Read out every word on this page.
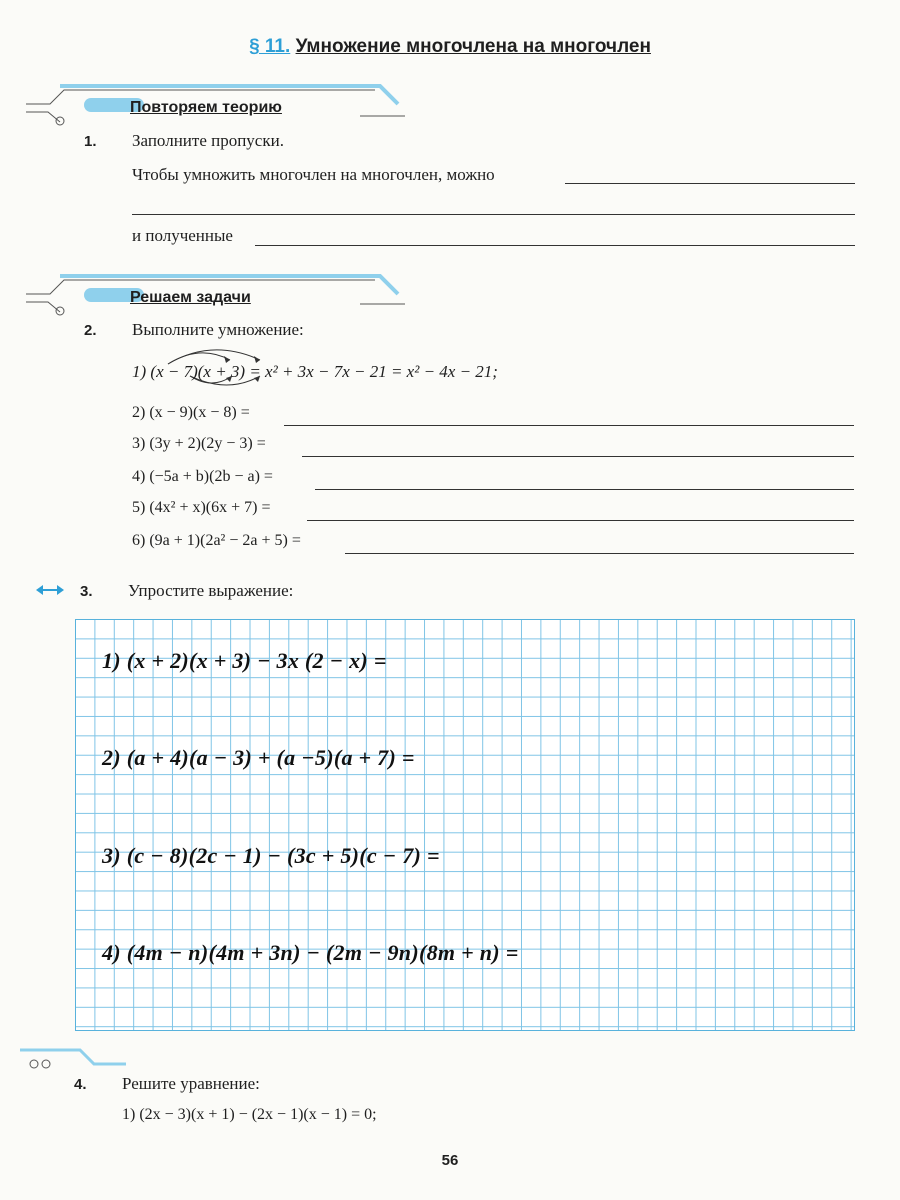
§ 11. Умножение многочлена на многочлен
Повторяем теорию
1. Заполните пропуски.
Чтобы умножить многочлен на многочлен, можно
и полученные
Решаем задачи
2. Выполните умножение:
1) (x − 7)(x + 3) = x² + 3x − 7x − 21 = x² − 4x − 21;
2) (x − 9)(x − 8) =
3) (3y + 2)(2y − 3) =
4) (−5a + b)(2b − a) =
5) (4x² + x)(6x + 7) =
6) (9a + 1)(2a² − 2a + 5) =
3. Упростите выражение:
1) (x + 2)(x + 3) − 3x (2 − x) =
2) (a + 4)(a − 3) + (a −5)(a + 7) =
3) (c − 8)(2c − 1) − (3c + 5)(c − 7) =
4) (4m − n)(4m + 3n) − (2m − 9n)(8m + n) =
4. Решите уравнение:
1) (2x − 3)(x + 1) − (2x − 1)(x − 1) = 0;
56
